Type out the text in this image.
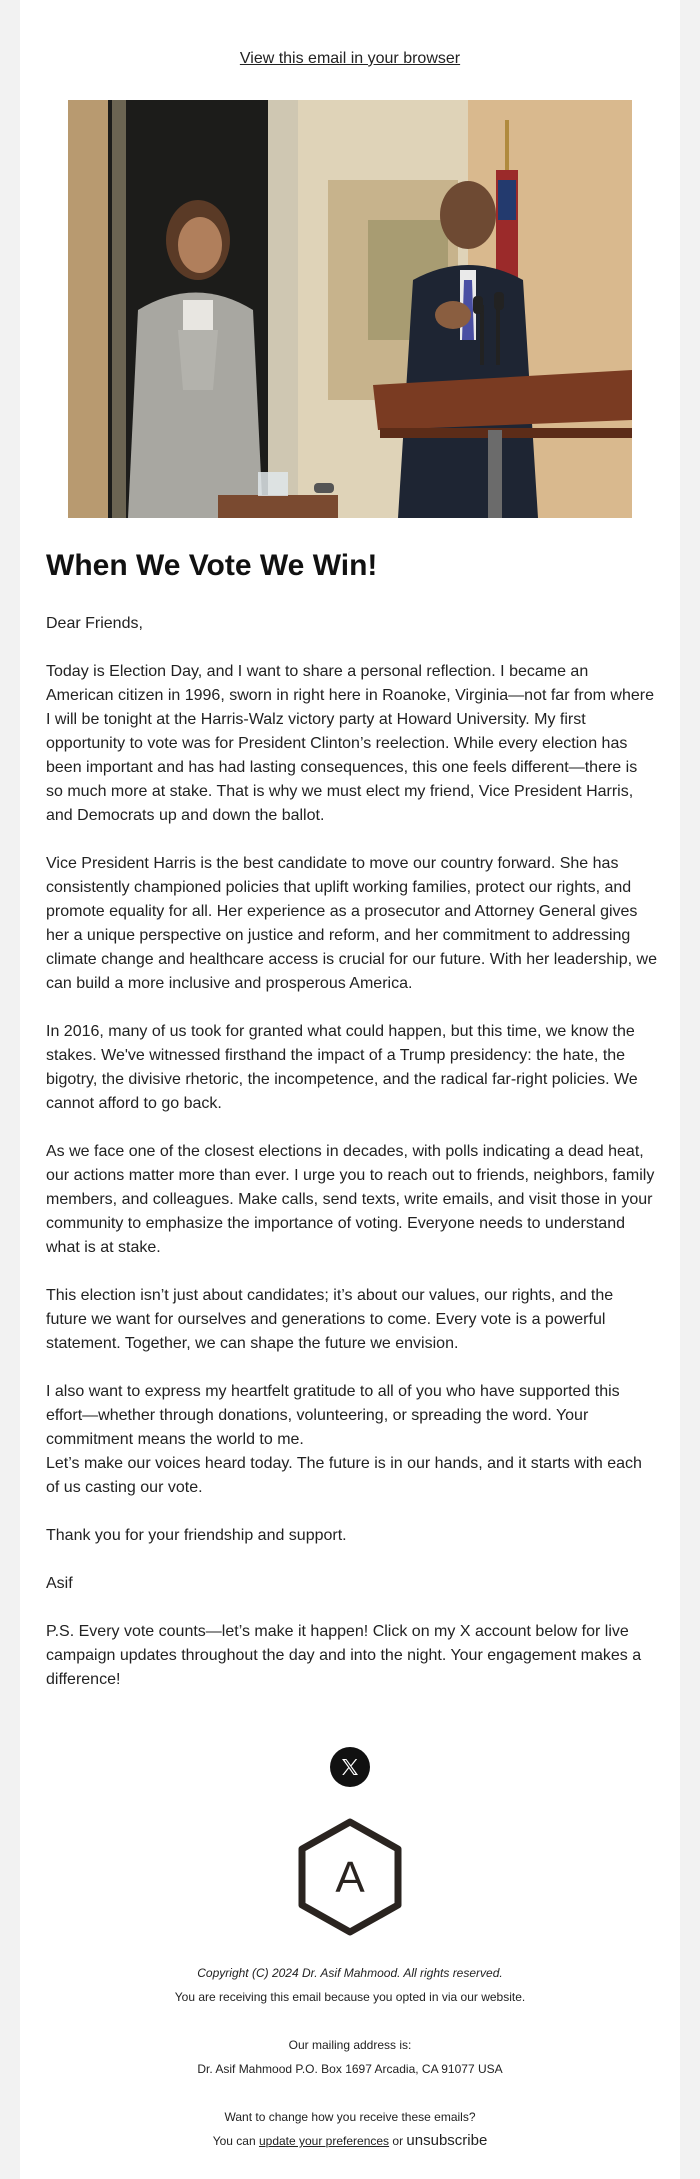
View this email in your browser
When We Vote We Win!

Dear Friends,

Today is Election Day, and I want to share a personal reflection. I became an American citizen in 1996, sworn in right here in Roanoke, Virginia—not far from where I will be tonight at the Harris-Walz victory party at Howard University. My first opportunity to vote was for President Clinton’s reelection. While every election has been important and has had lasting consequences, this one feels different—there is so much more at stake. That is why we must elect my friend, Vice President Harris, and Democrats up and down the ballot.

Vice President Harris is the best candidate to move our country forward. She has consistently championed policies that uplift working families, protect our rights, and promote equality for all. Her experience as a prosecutor and Attorney General gives her a unique perspective on justice and reform, and her commitment to addressing climate change and healthcare access is crucial for our future. With her leadership, we can build a more inclusive and prosperous America.

In 2016, many of us took for granted what could happen, but this time, we know the stakes. We've witnessed firsthand the impact of a Trump presidency: the hate, the bigotry, the divisive rhetoric, the incompetence, and the radical far-right policies. We cannot afford to go back.

As we face one of the closest elections in decades, with polls indicating a dead heat, our actions matter more than ever. I urge you to reach out to friends, neighbors, family members, and colleagues. Make calls, send texts, write emails, and visit those in your community to emphasize the importance of voting. Everyone needs to understand what is at stake.

This election isn’t just about candidates; it’s about our values, our rights, and the future we want for ourselves and generations to come. Every vote is a powerful statement. Together, we can shape the future we envision.

I also want to express my heartfelt gratitude to all of you who have supported this effort—whether through donations, volunteering, or spreading the word. Your commitment means the world to me.

Let’s make our voices heard today. The future is in our hands, and it starts with each of us casting our vote.

Thank you for your friendship and support.

Asif

P.S. Every vote counts—let’s make it happen! Click on my X account below for live campaign updates throughout the day and into the night. Your engagement makes a difference!

A
Copyright (C) 2024 Dr. Asif Mahmood. All rights reserved.
You are receiving this email because you opted in via our website.
Our mailing address is:
Dr. Asif Mahmood P.O. Box 1697 Arcadia, CA 91077 USA
Want to change how you receive these emails?
You can update your preferences or unsubscribe
